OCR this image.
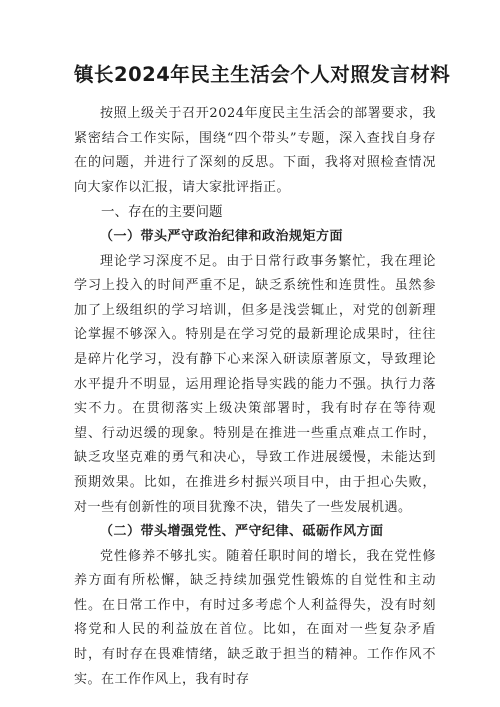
镇长2024年民主生活会个人对照发言材料

按照上级关于召开2024年度民主生活会的部署要求，我紧密结合工作实际，围绕“四个带头”专题，深入查找自身存在的问题，并进行了深刻的反思。下面，我将对照检查情况向大家作以汇报，请大家批评指正。

一、存在的主要问题
（一）带头严守政治纪律和政治规矩方面

理论学习深度不足。由于日常行政事务繁忙，我在理论学习上投入的时间严重不足，缺乏系统性和连贯性。虽然参加了上级组织的学习培训，但多是浅尝辄止，对党的创新理论掌握不够深入。特别是在学习党的最新理论成果时，往往是碎片化学习，没有静下心来深入研读原著原文，导致理论水平提升不明显，运用理论指导实践的能力不强。执行力落实不力。在贯彻落实上级决策部署时，我有时存在等待观望、行动迟缓的现象。特别是在推进一些重点难点工作时，缺乏攻坚克难的勇气和决心，导致工作进展缓慢，未能达到预期效果。比如，在推进乡村振兴项目中，由于担心失败，对一些有创新性的项目犹豫不决，错失了一些发展机遇。

（二）带头增强党性、严守纪律、砥砺作风方面

党性修养不够扎实。随着任职时间的增长，我在党性修养方面有所松懈，缺乏持续加强党性锻炼的自觉性和主动性。在日常工作中，有时过多考虑个人利益得失，没有时刻将党和人民的利益放在首位。比如，在面对一些复杂矛盾时，有时存在畏难情绪，缺乏敢于担当的精神。工作作风不实。在工作作风上，我有时存
